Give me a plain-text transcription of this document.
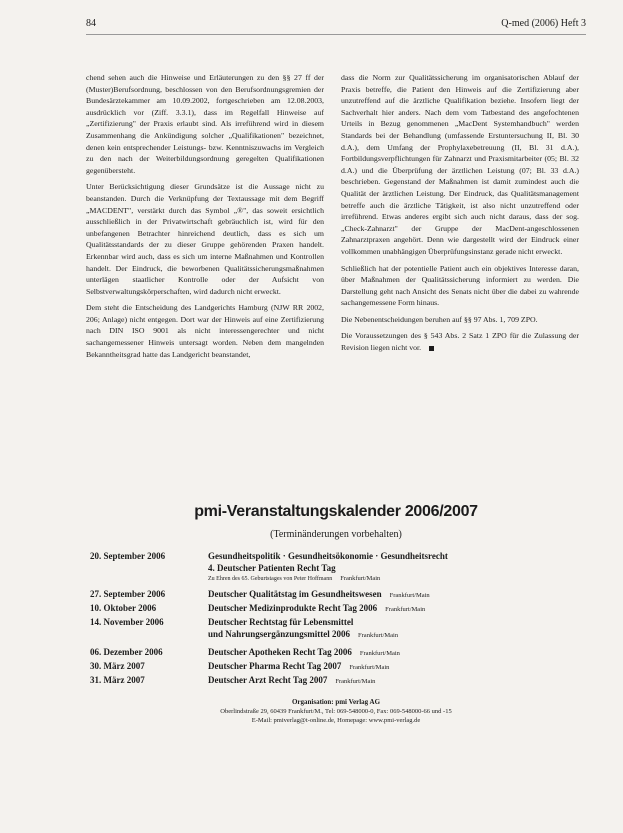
84	Q-med (2006) Heft 3

chend sehen auch die Hinweise und Erläuterungen zu den §§ 27 ff der (Muster)Berufsordnung, beschlossen von den Berufsordnungsgremien der Bundesärztekammer am 10.09.2002, fortgeschrieben am 12.08.2003, ausdrücklich vor (Ziff. 3.3.1), dass im Regelfall Hinweise auf „Zertifizierung" der Praxis erlaubt sind. Als irreführend wird in diesem Zusammenhang die Ankündigung solcher „Qualifikationen" bezeichnet, denen kein entsprechender Leistungs- bzw. Kenntniszuwachs im Vergleich zu den nach der Weiterbildungsordnung geregelten Qualifikationen gegenübersteht.

Unter Berücksichtigung dieser Grundsätze ist die Aussage nicht zu beanstanden. Durch die Verknüpfung der Textaussage mit dem Begriff „MACDENT", verstärkt durch das Symbol „®", das soweit ersichtlich ausschließlich in der Privatwirtschaft gebräuchlich ist, wird für den unbefangenen Betrachter hinreichend deutlich, dass es sich um Qualitätsstandards der zu dieser Gruppe gehörenden Praxen handelt. Erkennbar wird auch, dass es sich um interne Maßnahmen und Kontrollen handelt. Der Eindruck, die beworbenen Qualitätssicherungsmaßnahmen unterlägen staatlicher Kontrolle oder der Aufsicht von Selbstverwaltungskörperschaften, wird dadurch nicht erweckt.

Dem steht die Entscheidung des Landgerichts Hamburg (NJW RR 2002, 206; Anlage) nicht entgegen. Dort war der Hinweis auf eine Zertifizierung nach DIN ISO 9001 als nicht interessengerechter und nicht sachangemessener Hinweis untersagt worden. Neben dem mangelnden Bekanntheitsgrad hatte das Landgericht beanstandet,

dass die Norm zur Qualitätssicherung im organisatorischen Ablauf der Praxis betreffe, die Patient den Hinweis auf die Zertifizierung aber unzutreffend auf die ärztliche Qualifikation beziehe. Insofern liegt der Sachverhalt hier anders. Nach dem vom Tatbestand des angefochtenen Urteils in Bezug genommenen „MacDent Systemhandbuch" werden Standards bei der Behandlung (umfassende Erstuntersuchung II, Bl. 30 d.A.), dem Umfang der Prophylaxebetreuung (II, Bl. 31 d.A.), Fortbildungsverpflichtungen für Zahnarzt und Praxismitarbeiter (05; Bl. 32 d.A.) und die Überprüfung der ärztlichen Leistung (07; Bl. 33 d.A.) beschrieben. Gegenstand der Maßnahmen ist damit zumindest auch die Qualität der ärztlichen Leistung. Der Eindruck, das Qualitätsmanagement betreffe auch die ärztliche Tätigkeit, ist also nicht unzutreffend oder irreführend. Etwas anderes ergibt sich auch nicht daraus, dass der sog. „Check-Zahnarzt" der Gruppe der MacDent-angeschlossenen Zahnarztpraxen angehört. Denn wie dargestellt wird der Eindruck einer vollkommen unabhängigen Überprüfungsinstanz gerade nicht erweckt.

Schließlich hat der potentielle Patient auch ein objektives Interesse daran, über Maßnahmen der Qualitätssicherung informiert zu werden. Die Darstellung geht nach Ansicht des Senats nicht über die dabei zu wahrende sachangemessene Form hinaus.

Die Nebenentscheidungen beruhen auf §§ 97 Abs. 1, 709 ZPO.

Die Voraussetzungen des § 543 Abs. 2 Satz 1 ZPO für die Zulassung der Revision liegen nicht vor.

pmi-Veranstaltungskalender 2006/2007
(Terminänderungen vorbehalten)
20. September 2006	Gesundheitspolitik · Gesundheitsökonomie · Gesundheitsrecht
4. Deutscher Patienten Recht Tag
Zu Ehren des 65. Geburtstages von Peter Hoffmann Frankfurt/Main
27. September 2006	Deutscher Qualitätstag im Gesundheitswesen Frankfurt/Main
10. Oktober 2006	Deutscher Medizinprodukte Recht Tag 2006 Frankfurt/Main
14. November 2006	Deutscher Rechtstag für Lebensmittel
und Nahrungsergänzungsmittel 2006 Frankfurt/Main
06. Dezember 2006	Deutscher Apotheken Recht Tag 2006 Frankfurt/Main
30. März 2007	Deutscher Pharma Recht Tag 2007 Frankfurt/Main
31. März 2007	Deutscher Arzt Recht Tag 2007 Frankfurt/Main
Organisation: pmi Verlag AG
Oberlindstraße 29, 60439 Frankfurt/M., Tel: 069-548000-0, Fax: 069-548000-66 und -15
E-Mail: pmiverlag@t-online.de, Homepage: www.pmi-verlag.de
